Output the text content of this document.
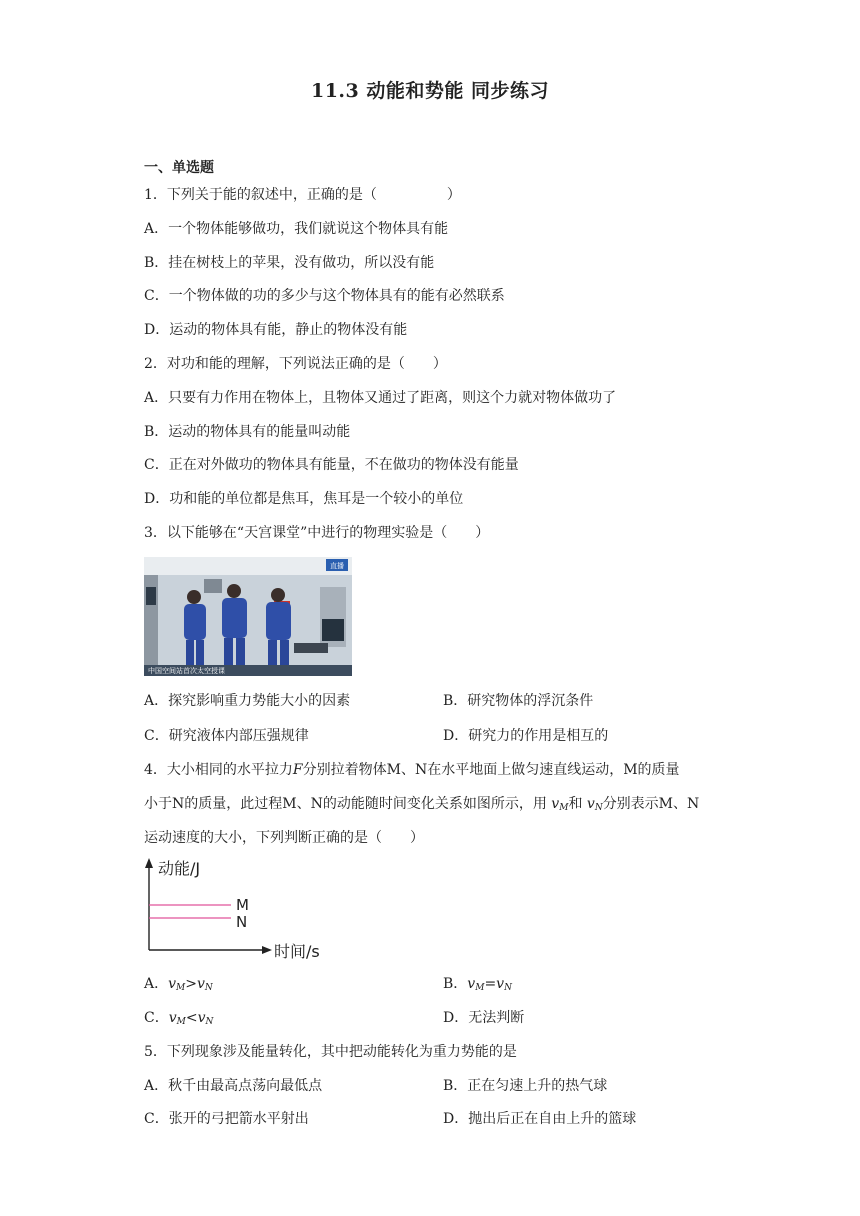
11.3 动能和势能 同步练习
一、单选题
1．下列关于能的叙述中，正确的是（　　　　　）
A．一个物体能够做功，我们就说这个物体具有能
B．挂在树枝上的苹果，没有做功，所以没有能
C．一个物体做的功的多少与这个物体具有的能有必然联系
D．运动的物体具有能，静止的物体没有能
2．对功和能的理解，下列说法正确的是（　　）
A．只要有力作用在物体上，且物体又通过了距离，则这个力就对物体做功了
B．运动的物体具有的能量叫动能
C．正在对外做功的物体具有能量，不在做功的物体没有能量
D．功和能的单位都是焦耳，焦耳是一个较小的单位
3．以下能够在“天宫课堂”中进行的物理实验是（　　）
直播
中国空间站首次太空授课
A．探究影响重力势能大小的因素	B．研究物体的浮沉条件
C．研究液体内部压强规律	D．研究力的作用是相互的
4．大小相同的水平拉力F分别拉着物体M、N在水平地面上做匀速直线运动，M的质量
小于N的质量，此过程M、N的动能随时间变化关系如图所示，用 $v_M$和 $v_N$分别表示M、N
运动速度的大小，下列判断正确的是（　　）
动能/J
时间/s
M
N
A．$v_M>v_N$	B．$v_M=v_N$
C．$v_M<v_N$	D．无法判断
5．下列现象涉及能量转化，其中把动能转化为重力势能的是
A．秋千由最高点荡向最低点	B．正在匀速上升的热气球
C．张开的弓把箭水平射出	D．抛出后正在自由上升的篮球
